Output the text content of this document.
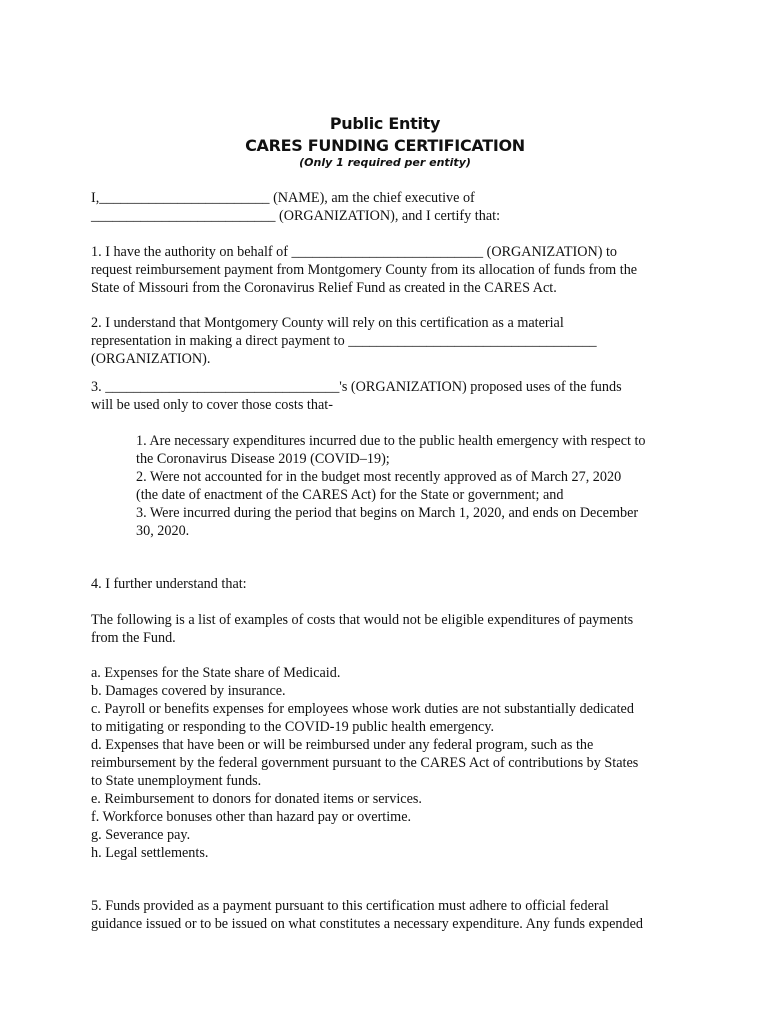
Public Entity
CARES FUNDING CERTIFICATION
(Only 1 required per entity)
I,________________________ (NAME), am the chief executive of
__________________________ (ORGANIZATION), and I certify that:
1. I have the authority on behalf of ___________________________ (ORGANIZATION) to
request reimbursement payment from Montgomery County from its allocation of funds from the
State of Missouri from the Coronavirus Relief Fund as created in the CARES Act.
2. I understand that Montgomery County will rely on this certification as a material
representation in making a direct payment to ___________________________________
(ORGANIZATION).
3. _________________________________'s (ORGANIZATION) proposed uses of the funds
will be used only to cover those costs that-
1. Are necessary expenditures incurred due to the public health emergency with respect to
the Coronavirus Disease 2019 (COVID–19);
2. Were not accounted for in the budget most recently approved as of March 27, 2020
(the date of enactment of the CARES Act) for the State or government; and
3. Were incurred during the period that begins on March 1, 2020, and ends on December
30, 2020.
4. I further understand that:
The following is a list of examples of costs that would not be eligible expenditures of payments
from the Fund.
a. Expenses for the State share of Medicaid.
b. Damages covered by insurance.
c. Payroll or benefits expenses for employees whose work duties are not substantially dedicated
to mitigating or responding to the COVID-19 public health emergency.
d. Expenses that have been or will be reimbursed under any federal program, such as the
reimbursement by the federal government pursuant to the CARES Act of contributions by States
to State unemployment funds.
e. Reimbursement to donors for donated items or services.
f. Workforce bonuses other than hazard pay or overtime.
g. Severance pay.
h. Legal settlements.
5. Funds provided as a payment pursuant to this certification must adhere to official federal
guidance issued or to be issued on what constitutes a necessary expenditure. Any funds expended
